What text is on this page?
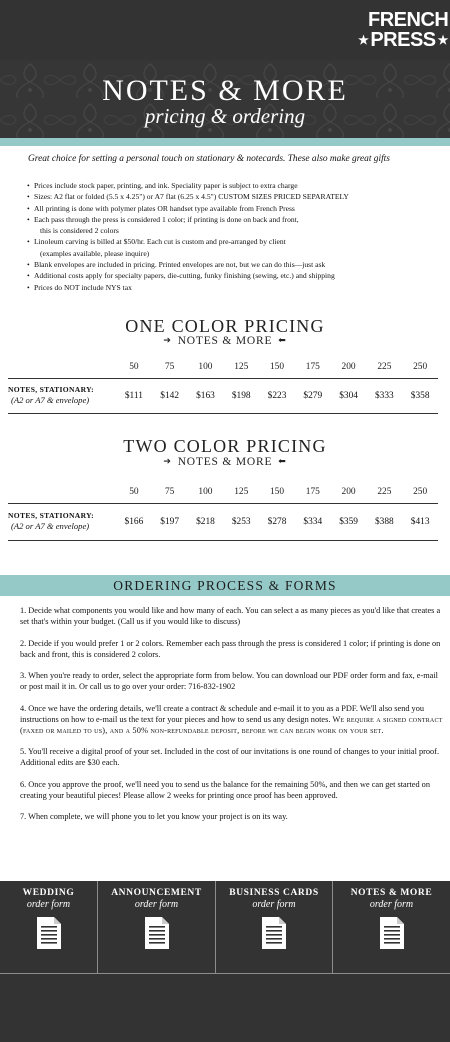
FRENCH
★ PRESS ★
NOTES & MORE
pricing & ordering
Great choice for setting a personal touch on stationary & notecards. These also make great gifts
• Prices include stock paper, printing, and ink. Speciality paper is subject to extra charge
• Sizes: A2 flat or folded (5.5 x 4.25") or A7 flat (6.25 x 4.5") CUSTOM SIZES PRICED SEPARATELY
• All printing is done with polymer plates OR handset type available from French Press
• Each pass through the press is considered 1 color; if printing is done on back and front,
this is considered 2 colors
• Linoleum carving is billed at $50/hr. Each cut is custom and pre-arranged by client
(examples available, please inquire)
• Blank envelopes are included in pricing. Printed envelopes are not, but we can do this—just ask
• Additional costs apply for specialty papers, die-cutting, funky finishing (sewing, etc.) and shipping
• Prices do NOT include NYS tax
ONE COLOR PRICING
➔ NOTES & MORE ⬅
50	75	100	125	150	175	200	225	250
NOTES, STATIONARY:
(A2 or A7 & envelope)	$111	$142	$163	$198	$223	$279	$304	$333	$358
TWO COLOR PRICING
➔ NOTES & MORE ⬅
50	75	100	125	150	175	200	225	250
NOTES, STATIONARY:
(A2 or A7 & envelope)	$166	$197	$218	$253	$278	$334	$359	$388	$413
ORDERING PROCESS & FORMS

1. Decide what components you would like and how many of each. You can select a as many pieces as you'd like that creates a set that's within your budget. (Call us if you would like to discuss)

2. Decide if you would prefer 1 or 2 colors. Remember each pass through the press is considered 1 color; if printing is done on back and front, this is considered 2 colors.

3. When you're ready to order, select the appropriate form from below. You can download our PDF order form and fax, e-mail or post mail it in. Or call us to go over your order: 716-832-1902

4. Once we have the ordering details, we'll create a contract & schedule and e-mail it to you as a PDF. We'll also send you instructions on how to e-mail us the text for your pieces and how to send us any design notes. We require a signed contract (faxed or mailed to us), and a 50% non-refundable deposit, before we can begin work on your set.

5. You'll receive a digital proof of your set. Included in the cost of our invitations is one round of changes to your initial proof. Additional edits are $30 each.

6. Once you approve the proof, we'll need you to send us the balance for the remaining 50%, and then we can get started on creating your beautiful pieces! Please allow 2 weeks for printing once proof has been approved.

7. When complete, we will phone you to let you know your project is on its way.

WEDDING
order form
ANNOUNCEMENT
order form
BUSINESS CARDS
order form
NOTES & MORE
order form
